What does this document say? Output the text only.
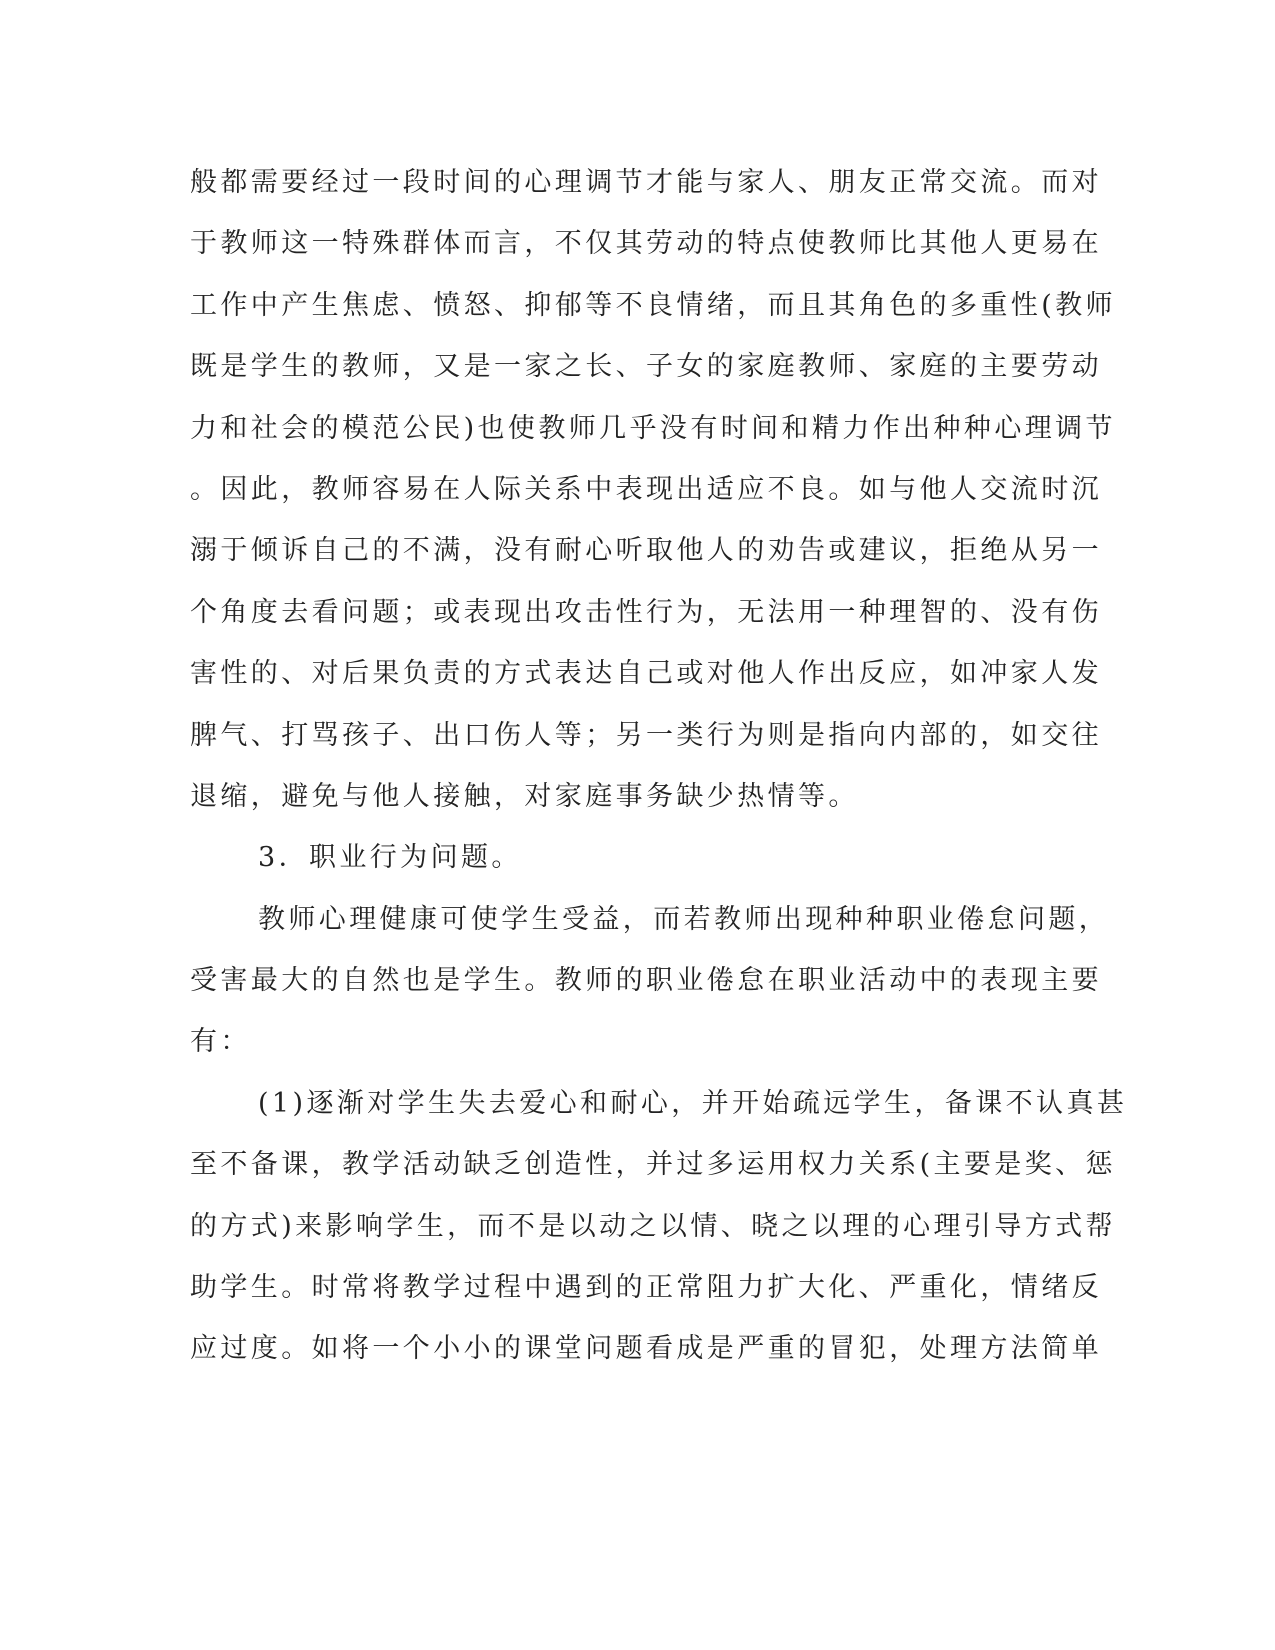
般都需要经过一段时间的心理调节才能与家人、朋友正常交流。而对
于教师这一特殊群体而言，不仅其劳动的特点使教师比其他人更易在
工作中产生焦虑、愤怒、抑郁等不良情绪，而且其角色的多重性(教师
既是学生的教师，又是一家之长、子女的家庭教师、家庭的主要劳动
力和社会的模范公民)也使教师几乎没有时间和精力作出种种心理调节
。因此，教师容易在人际关系中表现出适应不良。如与他人交流时沉
溺于倾诉自己的不满，没有耐心听取他人的劝告或建议，拒绝从另一
个角度去看问题；或表现出攻击性行为，无法用一种理智的、没有伤
害性的、对后果负责的方式表达自己或对他人作出反应，如冲家人发
脾气、打骂孩子、出口伤人等；另一类行为则是指向内部的，如交往
退缩，避免与他人接触，对家庭事务缺少热情等。
3．职业行为问题。
教师心理健康可使学生受益，而若教师出现种种职业倦怠问题，
受害最大的自然也是学生。教师的职业倦怠在职业活动中的表现主要
有：
(1)逐渐对学生失去爱心和耐心，并开始疏远学生，备课不认真甚
至不备课，教学活动缺乏创造性，并过多运用权力关系(主要是奖、惩
的方式)来影响学生，而不是以动之以情、晓之以理的心理引导方式帮
助学生。时常将教学过程中遇到的正常阻力扩大化、严重化，情绪反
应过度。如将一个小小的课堂问题看成是严重的冒犯，处理方法简单
